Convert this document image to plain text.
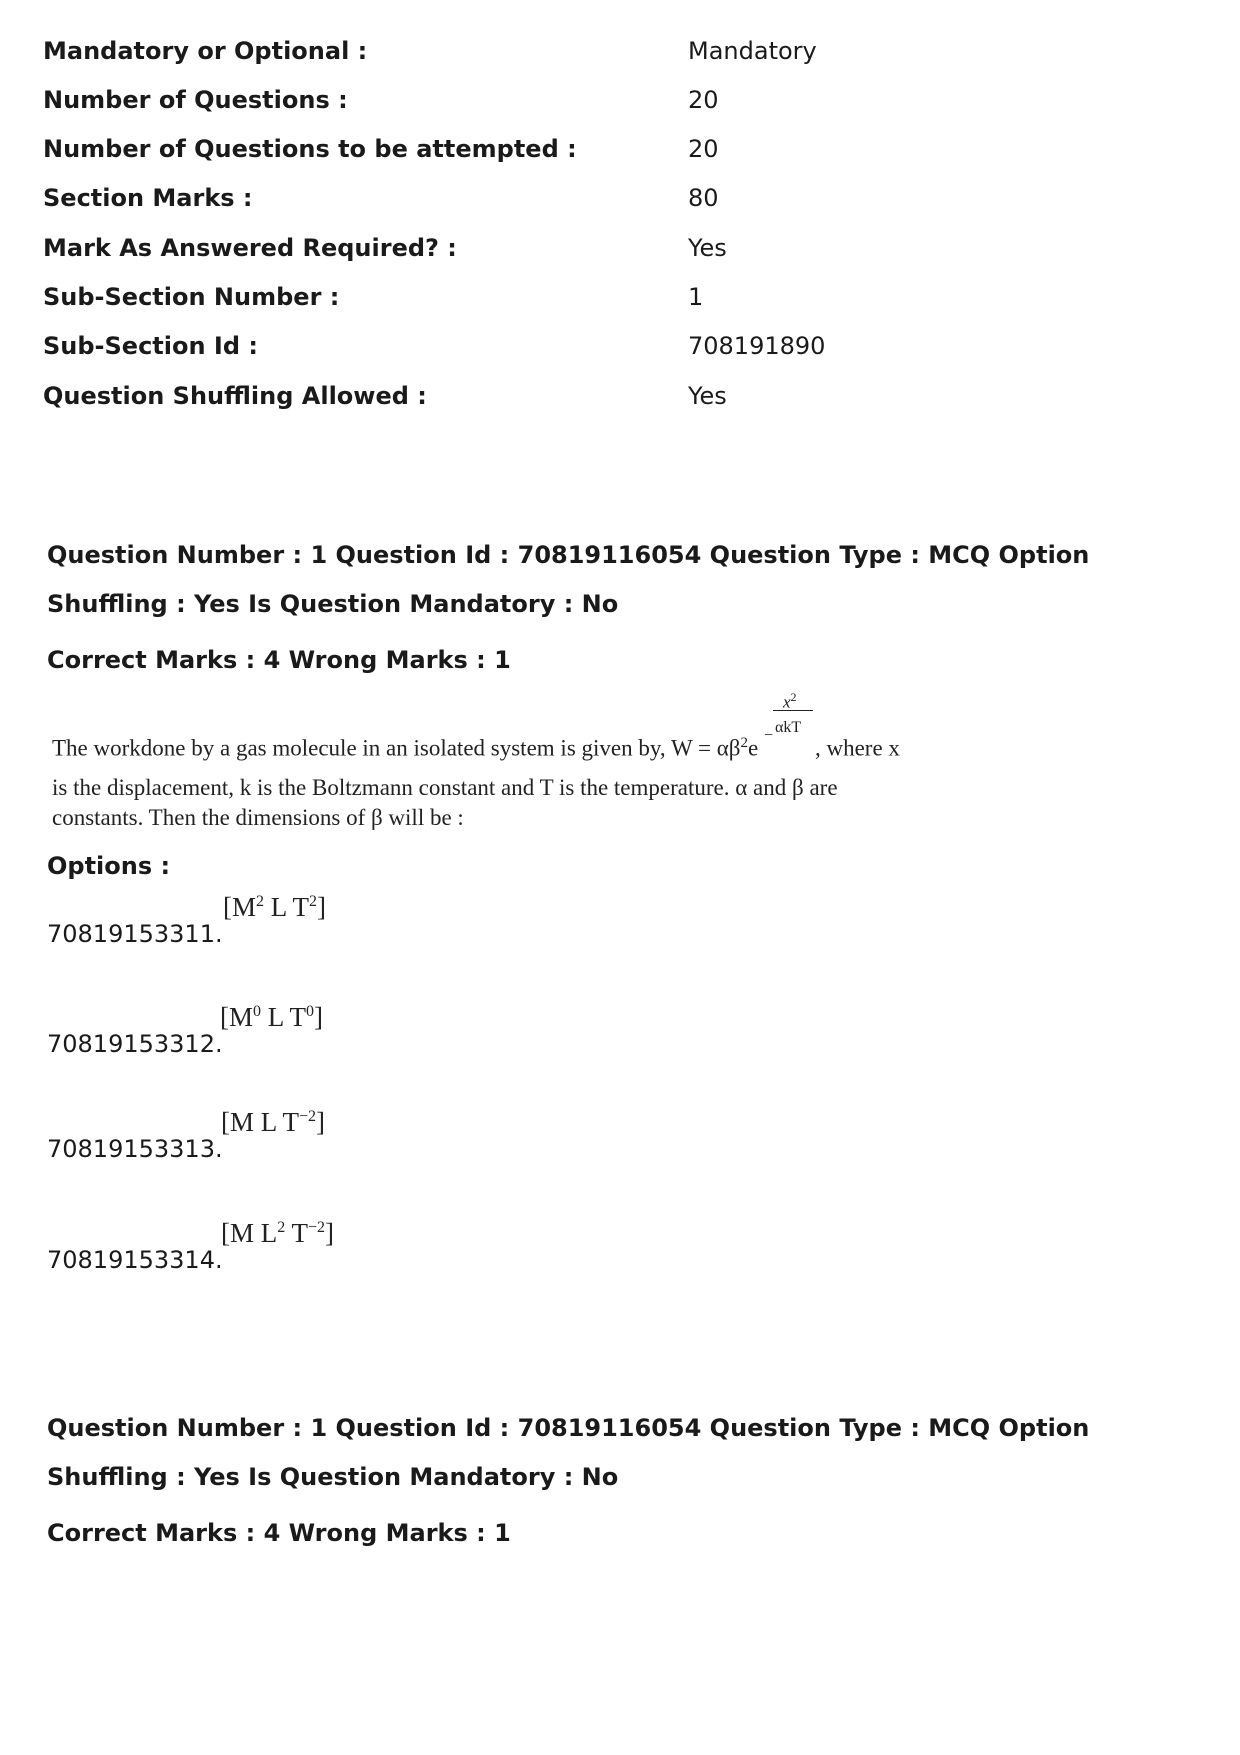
Mandatory or Optional :	Mandatory
Number of Questions :	20
Number of Questions to be attempted :	20
Section Marks :	80
Mark As Answered Required? :	Yes
Sub-Section Number :	1
Sub-Section Id :	708191890
Question Shuffling Allowed :	Yes
Question Number : 1 Question Id : 70819116054 Question Type : MCQ Option Shuffling : Yes Is Question Mandatory : No
Correct Marks : 4 Wrong Marks : 1
The workdone by a gas molecule in an isolated system is given by, $W = \alpha\beta^2e$ $^- \frac{x^2}{\text{αkT}}$ , where x
is the displacement, k is the Boltzmann constant and T is the temperature. α and β are
constants. Then the dimensions of β will be :
Options :
70819153311.
[$M^2$ L $T^2$]
70819153312.
[$M^0$ L $T^0$]
70819153313.
[M L $T^{-2}$]
70819153314.
[M $L^2$ $T^{-2}$]
Question Number : 1 Question Id : 70819116054 Question Type : MCQ Option Shuffling : Yes Is Question Mandatory : No
Correct Marks : 4 Wrong Marks : 1
